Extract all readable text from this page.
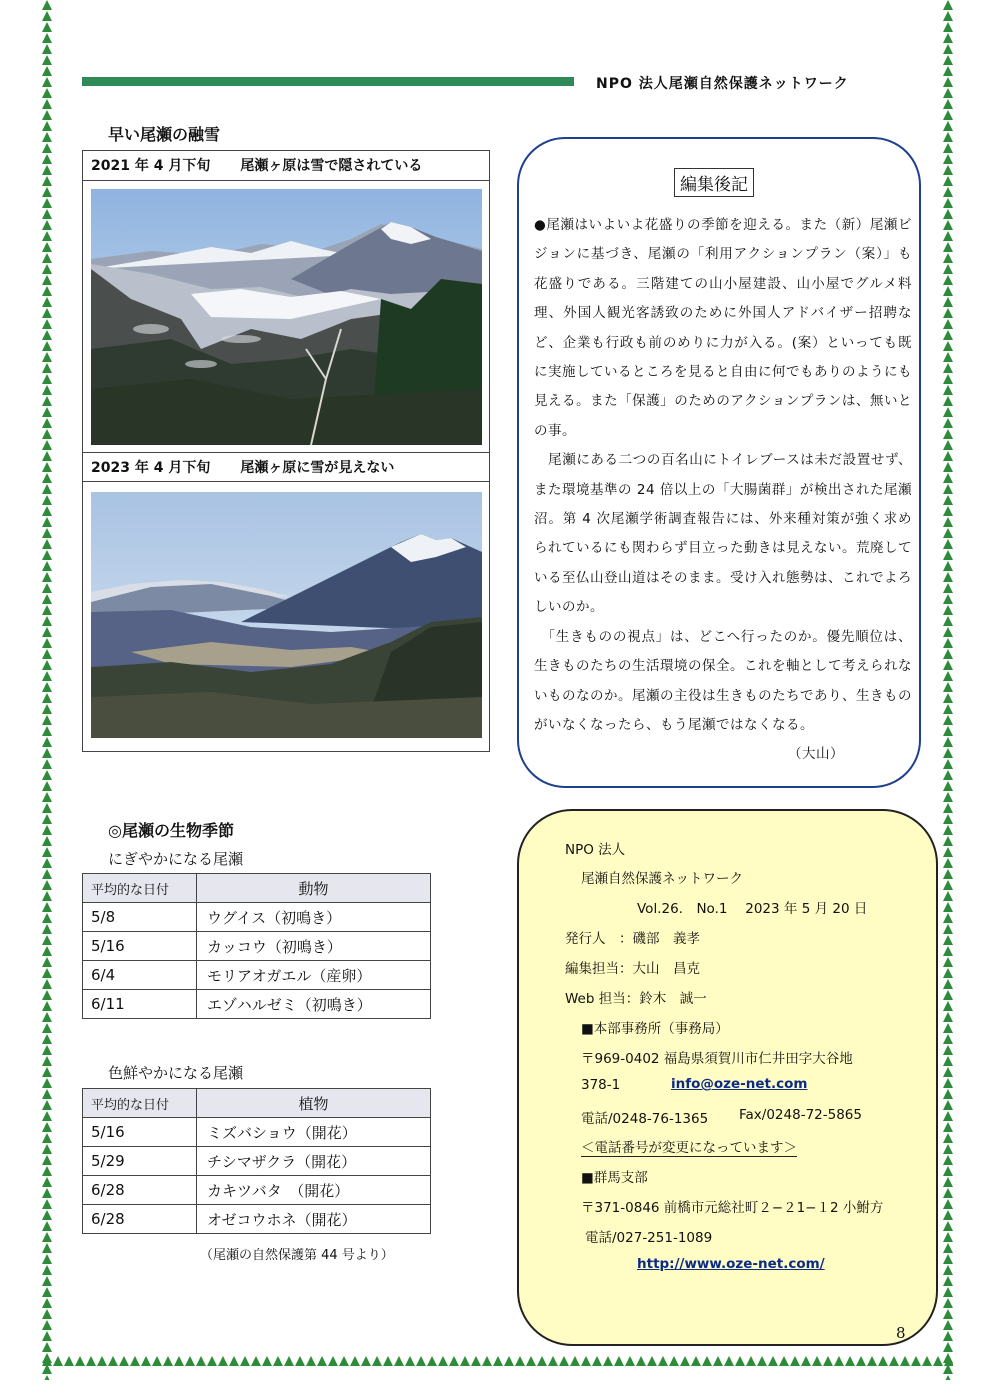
NPO 法人尾瀬自然保護ネットワーク
早い尾瀬の融雪
2021 年 4 月下旬 尾瀬ヶ原は雪で隠されている
2023 年 4 月下旬 尾瀬ヶ原に雪が見えない
編集後記

●尾瀬はいよいよ花盛りの季節を迎える。また（新）尾瀬ビジョンに基づき、尾瀬の「利用アクションプラン（案）」も花盛りである。三階建ての山小屋建設、山小屋でグルメ料理、外国人観光客誘致のために外国人アドバイザー招聘など、企業も行政も前のめりに力が入る。(案）といっても既に実施しているところを見ると自由に何でもありのようにも見える。また「保護」のためのアクションプランは、無いとの事。

　尾瀬にある二つの百名山にトイレブースは未だ設置せず、また環境基準の 24 倍以上の「大腸菌群」が検出された尾瀬沼。第 4 次尾瀬学術調査報告には、外来種対策が強く求められているにも関わらず目立った動きは見えない。荒廃している至仏山登山道はそのまま。受け入れ態勢は、これでよろしいのか。

　「生きものの視点」は、どこへ行ったのか。優先順位は、生きものたちの生活環境の保全。これを軸として考えられないものなのか。尾瀬の主役は生きものたちであり、生きものがいなくなったら、もう尾瀬ではなくなる。

（大山）

◎尾瀬の生物季節
にぎやかになる尾瀬
平均的な日付	動物
5/8	ウグイス（初鳴き）
5/16	カッコウ（初鳴き）
6/4	モリアオガエル（産卵）
6/11	エゾハルゼミ（初鳴き）
色鮮やかになる尾瀬
平均的な日付	植物
5/16	ミズバショウ（開花）
5/29	チシマザクラ（開花）
6/28	カキツバタ　（開花）
6/28	オゼコウホネ（開花）
（尾瀬の自然保護第 44 号より）
NPO 法人
尾瀬自然保護ネットワーク
Vol.26.　No.1　 2023 年 5 月 20 日
発行人　：磯部　義孝
編集担当：大山　昌克
Web 担当：鈴木　誠一
■本部事務所（事務局）
〒969-0402 福島県須賀川市仁井田字大谷地
378-1	info@oze-net.com
電話/0248-76-1365 Fax/0248-72-5865
＜電話番号が変更になっています＞
■群馬支部
〒371-0846 前橋市元総社町２−２1−１2 小鮒方
電話/027-251-1089
http://www.oze-net.com/
8
